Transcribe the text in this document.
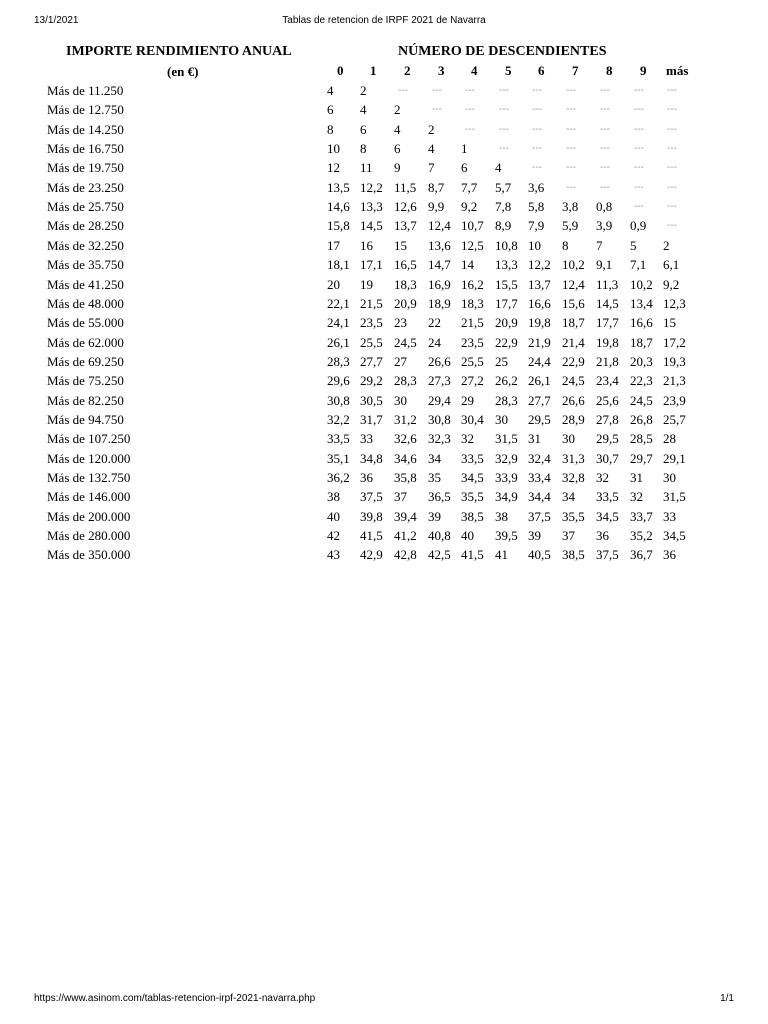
13/1/2021	Tablas de retencion de IRPF 2021 de Navarra
IMPORTE RENDIMIENTO ANUAL
(en €)
NÚMERO DE DESCENDIENTES
0 1 2 3 4 5 6 7 8 9 más
Más de 11.250	4 2	--- --- --- --- --- --- --- --- ---
Más de 12.750	6 4 2	--- --- --- --- --- --- --- ---
Más de 14.250	8 6 4 2	--- --- --- --- --- --- ---
Más de 16.750	10 8 6 4 1	--- --- --- --- --- ---
Más de 19.750	12 11 9 7 6 4	--- --- --- --- ---
Más de 23.250	13,5 12,2 11,5 8,7 7,7 5,7 3,6 --- --- --- ---
Más de 25.750	14,6 13,3 12,6 9,9 9,2 7,8 5,8 3,8 0,8 --- ---
Más de 28.250	15,8 14,5 13,7 12,4 10,7 8,9 7,9 5,9 3,9 0,9 ---
Más de 32.250	17 16 15 13,6 12,5 10,8 10 8 7 5 2
Más de 35.750	18,1 17,1 16,5 14,7 14 13,3 12,2 10,2 9,1 7,1 6,1
Más de 41.250	20 19 18,3 16,9 16,2 15,5 13,7 12,4 11,3 10,2 9,2
Más de 48.000	22,1 21,5 20,9 18,9 18,3 17,7 16,6 15,6 14,5 13,4 12,3
Más de 55.000	24,1 23,5 23 22 21,5 20,9 19,8 18,7 17,7 16,6 15
Más de 62.000	26,1 25,5 24,5 24 23,5 22,9 21,9 21,4 19,8 18,7 17,2
Más de 69.250	28,3 27,7 27 26,6 25,5 25 24,4 22,9 21,8 20,3 19,3
Más de 75.250	29,6 29,2 28,3 27,3 27,2 26,2 26,1 24,5 23,4 22,3 21,3
Más de 82.250	30,8 30,5 30 29,4 29 28,3 27,7 26,6 25,6 24,5 23,9
Más de 94.750	32,2 31,7 31,2 30,8 30,4 30 29,5 28,9 27,8 26,8 25,7
Más de 107.250	33,5 33 32,6 32,3 32 31,5 31 30 29,5 28,5 28
Más de 120.000	35,1 34,8 34,6 34 33,5 32,9 32,4 31,3 30,7 29,7 29,1
Más de 132.750	36,2 36 35,8 35 34,5 33,9 33,4 32,8 32 31 30
Más de 146.000	38 37,5 37 36,5 35,5 34,9 34,4 34 33,5 32 31,5
Más de 200.000	40 39,8 39,4 39 38,5 38 37,5 35,5 34,5 33,7 33
Más de 280.000	42 41,5 41,2 40,8 40 39,5 39 37 36 35,2 34,5
Más de 350.000	43 42,9 42,8 42,5 41,5 41 40,5 38,5 37,5 36,7 36
https://www.asinom.com/tablas-retencion-irpf-2021-navarra.php	1/1
